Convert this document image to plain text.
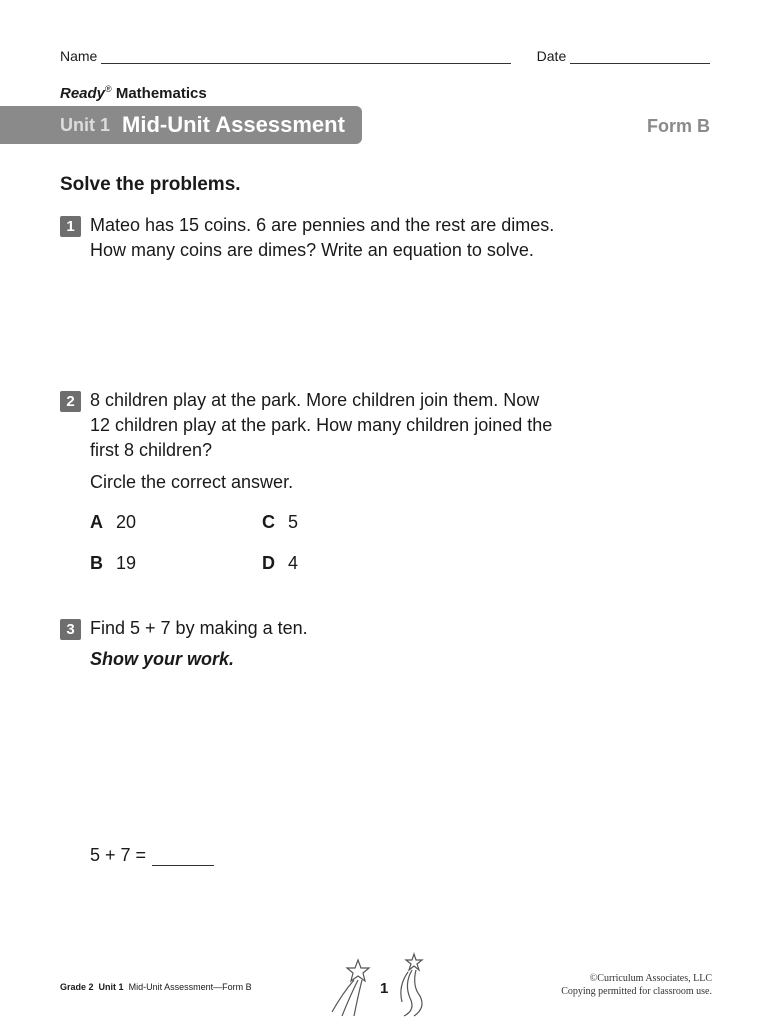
Name	Date
Ready® Mathematics
Unit 1 Mid-Unit Assessment	Form B
Solve the problems.
1 Mateo has 15 coins. 6 are pennies and the rest are dimes.
How many coins are dimes? Write an equation to solve.
2 8 children play at the park. More children join them. Now
12 children play at the park. How many children joined the
first 8 children?
Circle the correct answer.
A 20
B 19
C 5
D 4
3 Find 5 + 7 by making a ten.
Show your work.
5 + 7 =
Grade 2 Unit 1 Mid-Unit Assessment—Form B	1
©Curriculum Associates, LLC
Copying permitted for classroom use.
